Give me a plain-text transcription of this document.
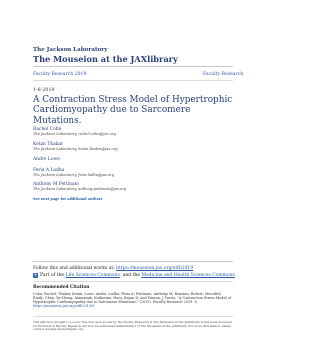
The Jackson Laboratory
The Mouseion at the JAXlibrary
Faculty Research 2019	Faculty Research
1-8-2019
A Contraction Stress Model of Hypertrophic Cardiomyopathy due to Sarcomere Mutations.
Rachel Cohn
The Jackson Laboratory, rachel.cohn@jax.org
Ketan Thakar
The Jackson Laboratory, ketan.thakar@jax.org
Andre Lowe
Feria A Ladha
The Jackson Laboratory, feria.ladha@jax.org
Anthony M Pettinato
The Jackson Laboratory, anthony.pettinato@jax.org
See next page for additional authors
Follow this and additional works at: https://mouseion.jax.org/stfb2019
+ Part of the
Life Sciences Commons , and the
Medicine and Health Sciences Commons
Recommended Citation
Cohn, Rachel; Thakar, Ketan; Lowe, Andre; Ladha, Feria A; Pettinato, Anthony M; Romano, Robert; Meredith, Emily; Chen, Yu-Sheng; Atamanuk, Katherine; Huey, Bryan D; and Hinson, J Travis, "A Contraction Stress Model of Hypertrophic Cardiomyopathy due to Sarcomere Mutations." (2019). Faculty Research 2019. 8. https://mouseion.jax.org/stfb2019/8
This article is brought to you for free and open access by the Faculty Research at The Mouseion at the JAXlibrary. It has been accepted for inclusion in Faculty Research 2019 by an authorized administrator of The Mouseion at the JAXlibrary. For more information, please contact douglas.macbeth@jax.org.
